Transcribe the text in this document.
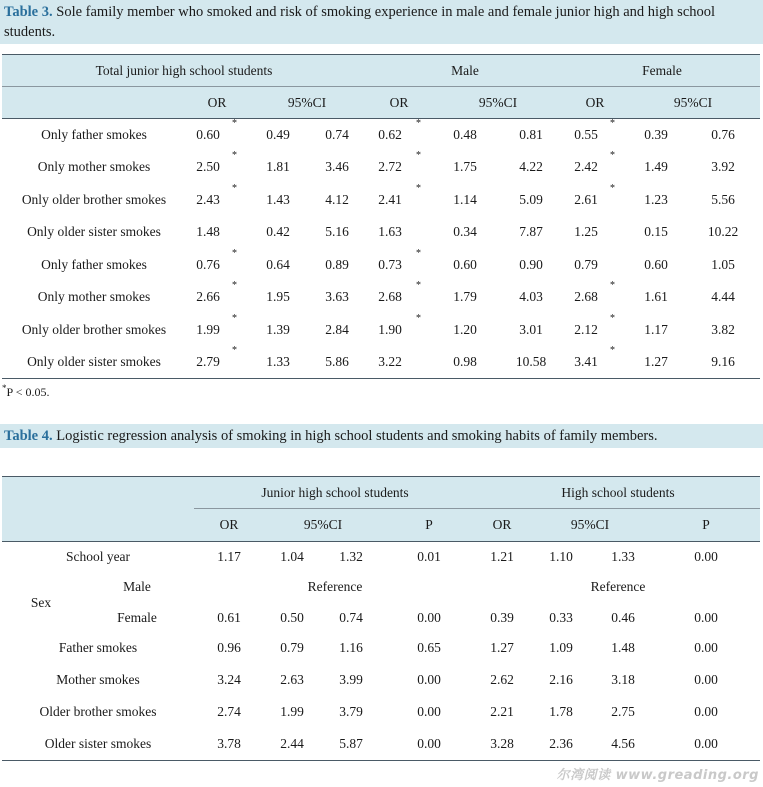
Table 3. Sole family member who smoked and risk of smoking experience in male and female junior high and high school students.
Total junior high school students					Male				Female			
	OR		95%CI		OR		95%CI		OR		95%CI	
Only father smokes	0.60	*	0.49	0.74	0.62	*	0.48	0.81	0.55	*	0.39	0.76
Only mother smokes	2.50	*	1.81	3.46	2.72	*	1.75	4.22	2.42	*	1.49	3.92
Only older brother smokes	2.43	*	1.43	4.12	2.41	*	1.14	5.09	2.61	*	1.23	5.56
Only older sister smokes	1.48		0.42	5.16	1.63		0.34	7.87	1.25		0.15	10.22
Only father smokes	0.76	*	0.64	0.89	0.73	*	0.60	0.90	0.79		0.60	1.05
Only mother smokes	2.66	*	1.95	3.63	2.68	*	1.79	4.03	2.68	*	1.61	4.44
Only older brother smokes	1.99	*	1.39	2.84	1.90	*	1.20	3.01	2.12	*	1.17	3.82
Only older sister smokes	2.79	*	1.33	5.86	3.22		0.98	10.58	3.41	*	1.27	9.16
*P < 0.05.
Table 4. Logistic regression analysis of smoking in high school students and smoking habits of family members.
		Junior high school students				High school students			
		OR	95%CI		P	OR	95%CI		P
School year		1.17	1.04	1.32	0.01	1.21	1.10	1.33	0.00
Sex	Male	Reference				Reference			
	Female	0.61	0.50	0.74	0.00	0.39	0.33	0.46	0.00
Father smokes		0.96	0.79	1.16	0.65	1.27	1.09	1.48	0.00
Mother smokes		3.24	2.63	3.99	0.00	2.62	2.16	3.18	0.00
Older brother smokes		2.74	1.99	3.79	0.00	2.21	1.78	2.75	0.00
Older sister smokes		3.78	2.44	5.87	0.00	3.28	2.36	4.56	0.00
尔湾阅读 www.greading.org
